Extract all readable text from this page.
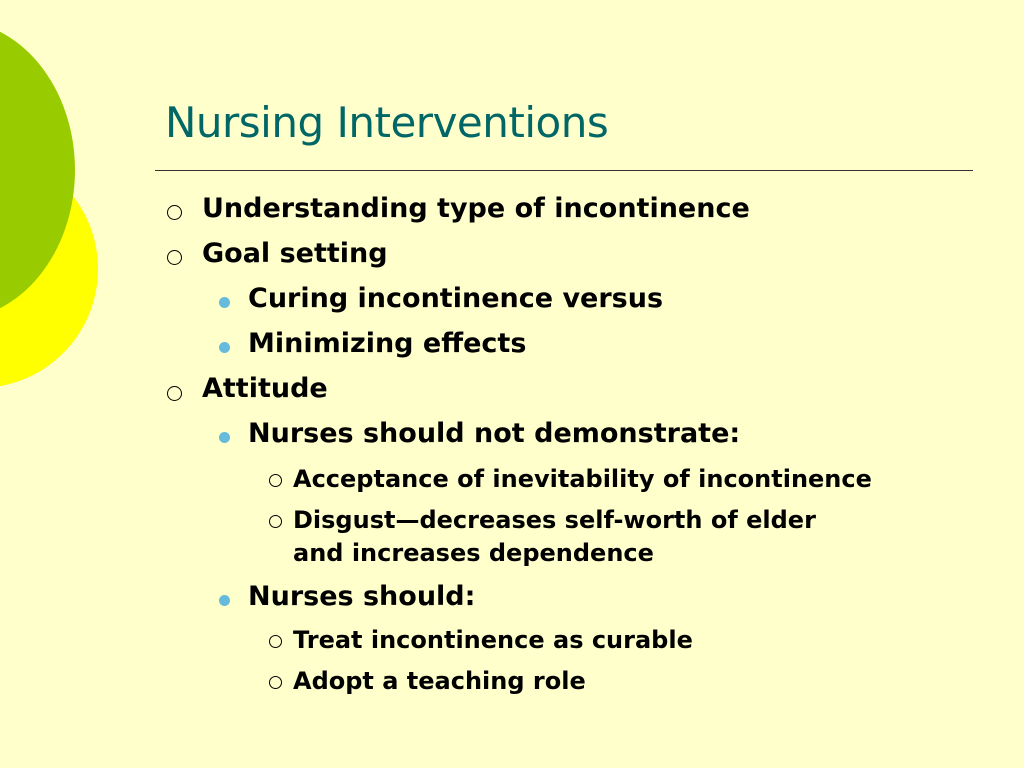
Nursing Interventions
Understanding type of incontinence
Goal setting
Curing incontinence versus
Minimizing effects
Attitude
Nurses should not demonstrate:
Acceptance of inevitability of incontinence
Disgust—decreases self-worth of elder
and increases dependence
Nurses should:
Treat incontinence as curable
Adopt a teaching role
